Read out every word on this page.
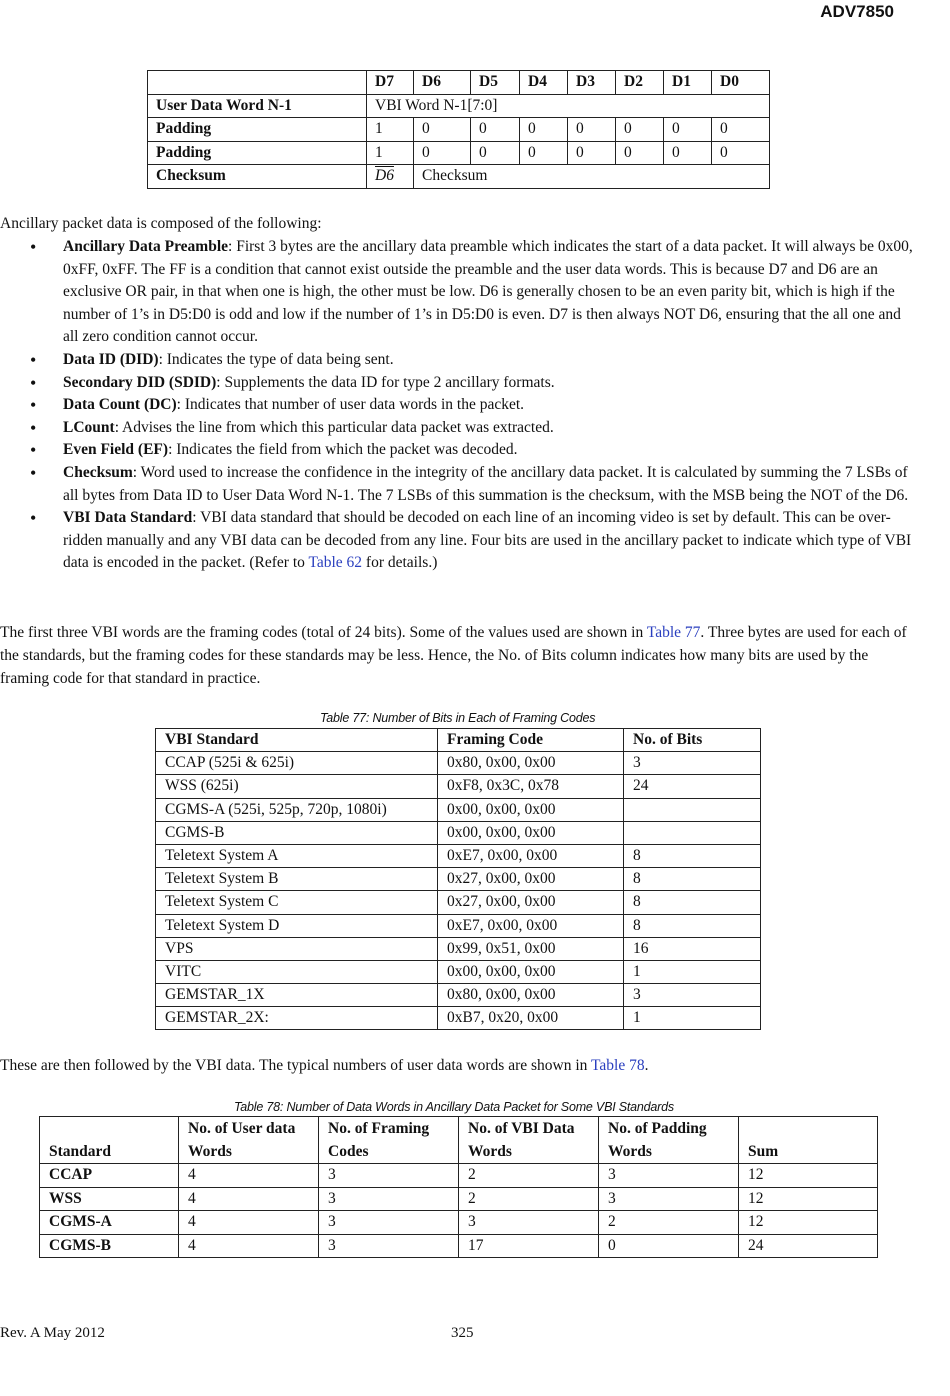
ADV7850
	D7	D6	D5	D4	D3	D2	D1	D0
User Data Word N-1	VBI Word N-1[7:0]							
Padding	1	0	0	0	0	0	0	0
Padding	1	0	0	0	0	0	0	0
Checksum	D6	Checksum						
Ancillary packet data is composed of the following:
• Ancillary Data Preamble: First 3 bytes are the ancillary data preamble which indicates the start of a data packet. It will always be 0x00, 0xFF, 0xFF. The FF is a condition that cannot exist outside the preamble and the user data words. This is because D7 and D6 are an exclusive OR pair, in that when one is high, the other must be low. D6 is generally chosen to be an even parity bit, which is high if the number of 1’s in D5:D0 is odd and low if the number of 1’s in D5:D0 is even. D7 is then always NOT D6, ensuring that the all one and all zero condition cannot occur.
• Data ID (DID): Indicates the type of data being sent.
• Secondary DID (SDID): Supplements the data ID for type 2 ancillary formats.
• Data Count (DC): Indicates that number of user data words in the packet.
• LCount: Advises the line from which this particular data packet was extracted.
• Even Field (EF): Indicates the field from which the packet was decoded.
• Checksum: Word used to increase the confidence in the integrity of the ancillary data packet. It is calculated by summing the 7 LSBs of all bytes from Data ID to User Data Word N-1. The 7 LSBs of this summation is the checksum, with the MSB being the NOT of the D6.
• VBI Data Standard: VBI data standard that should be decoded on each line of an incoming video is set by default. This can be over-ridden manually and any VBI data can be decoded from any line. Four bits are used in the ancillary packet to indicate which type of VBI data is encoded in the packet. (Refer to Table 62 for details.)
The first three VBI words are the framing codes (total of 24 bits). Some of the values used are shown in Table 77. Three bytes are used for each of the standards, but the framing codes for these standards may be less. Hence, the No. of Bits column indicates how many bits are used by the framing code for that standard in practice.
Table 77: Number of Bits in Each of Framing Codes
VBI Standard	Framing Code	No. of Bits
CCAP (525i & 625i)	0x80, 0x00, 0x00	3
WSS (625i)	0xF8, 0x3C, 0x78	24
CGMS-A (525i, 525p, 720p, 1080i)	0x00, 0x00, 0x00	
CGMS-B	0x00, 0x00, 0x00	
Teletext System A	0xE7, 0x00, 0x00	8
Teletext System B	0x27, 0x00, 0x00	8
Teletext System C	0x27, 0x00, 0x00	8
Teletext System D	0xE7, 0x00, 0x00	8
VPS	0x99, 0x51, 0x00	16
VITC	0x00, 0x00, 0x00	1
GEMSTAR_1X	0x80, 0x00, 0x00	3
GEMSTAR_2X:	0xB7, 0x20, 0x00	1
These are then followed by the VBI data. The typical numbers of user data words are shown in Table 78.
Table 78: Number of Data Words in Ancillary Data Packet for Some VBI Standards
Standard	No. of User data Words	No. of Framing Codes	No. of VBI Data Words	No. of Padding Words	Sum
CCAP	4	3	2	3	12
WSS	4	3	2	3	12
CGMS-A	4	3	3	2	12
CGMS-B	4	3	17	0	24
Rev. A May 2012	325
